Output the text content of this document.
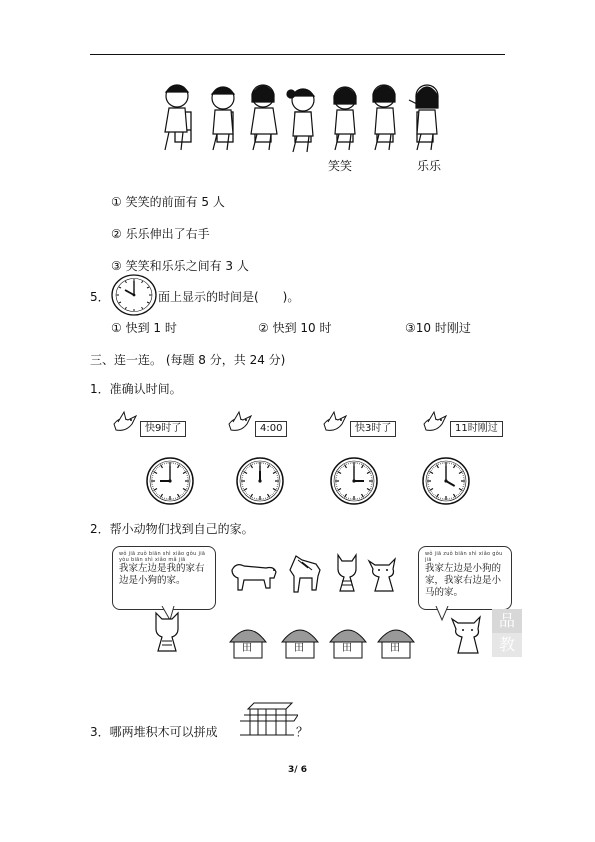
笑笑	乐乐
① 笑笑的前面有 5 人
② 乐乐伸出了右手
③ 笑笑和乐乐之间有 3 人
5．	面上显示的时间是(　　)。
① 快到 1 时	② 快到 10 时	③10 时刚过
三、连一连。 (每题 8 分，共 24 分)
1．准确认时间。
快9时了	4:00	快3时了	11时刚过
2．帮小动物们找到自己的家。
wǒ jiā zuǒ biān shì xiǎo gǒu jiā yòu biān shì xiǎo mǎ jiā
我家左边是我的家右边是小狗的家。
wǒ jiā zuǒ biān shì xiǎo gǒu jiā
我家左边是小狗的家，我家右边是小马的家。
品
教
田	田	田	田
3．哪两堆积木可以拼成	？
3/ 6
